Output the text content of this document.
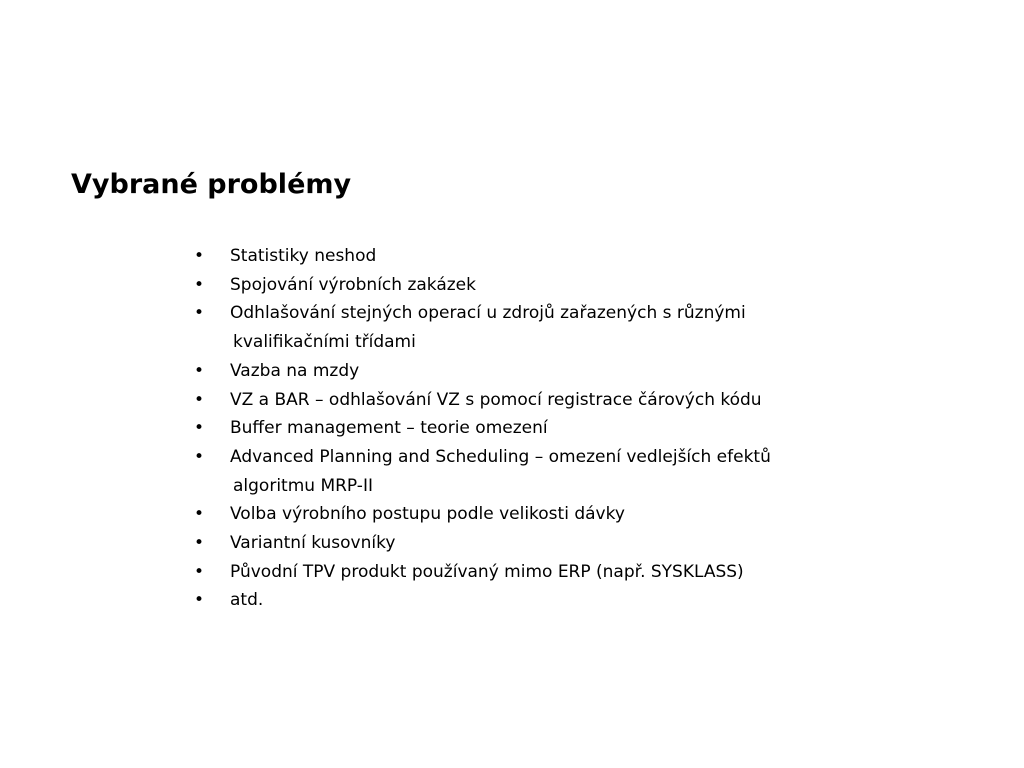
Vybrané problémy
•	Statistiky neshod
•	Spojování výrobních zakázek
•	Odhlašování stejných operací u zdrojů zařazených s různými
kvalifikačními třídami
•	Vazba na mzdy
•	VZ a BAR – odhlašování VZ s pomocí registrace čárových kódu
•	Buffer management – teorie omezení
•	Advanced Planning and Scheduling – omezení vedlejších efektů
algoritmu MRP-II
•	Volba výrobního postupu podle velikosti dávky
•	Variantní kusovníky
•	Původní TPV produkt používaný mimo ERP (např. SYSKLASS)
•	atd.
